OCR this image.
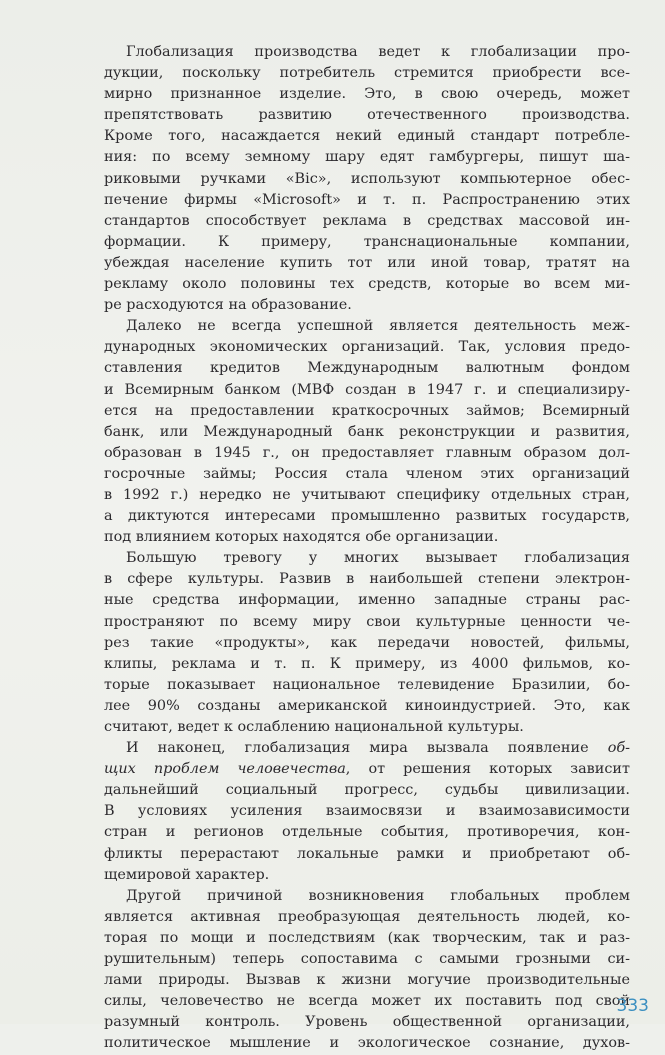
Глобализация производства ведет к глобализации про-
дукции, поскольку потребитель стремится приобрести все-
мирно признанное изделие. Это, в свою очередь, может
препятствовать развитию отечественного производства.
Кроме того, насаждается некий единый стандарт потребле-
ния: по всему земному шару едят гамбургеры, пишут ша-
риковыми ручками «Bic», используют компьютерное обес-
печение фирмы «Microsoft» и т. п. Распространению этих
стандартов способствует реклама в средствах массовой ин-
формации. К примеру, транснациональные компании,
убеждая население купить тот или иной товар, тратят на
рекламу около половины тех средств, которые во всем ми-
ре расходуются на образование.

Далеко не всегда успешной является деятельность меж-
дународных экономических организаций. Так, условия предо-
ставления кредитов Международным валютным фондом
и Всемирным банком (МВФ создан в 1947 г. и специализиру-
ется на предоставлении краткосрочных займов; Всемирный
банк, или Международный банк реконструкции и развития,
образован в 1945 г., он предоставляет главным образом дол-
госрочные займы; Россия стала членом этих организаций
в 1992 г.) нередко не учитывают специфику отдельных стран,
а диктуются интересами промышленно развитых государств,
под влиянием которых находятся обе организации.

Большую тревогу у многих вызывает глобализация
в сфере культуры. Развив в наибольшей степени электрон-
ные средства информации, именно западные страны рас-
пространяют по всему миру свои культурные ценности че-
рез такие «продукты», как передачи новостей, фильмы,
клипы, реклама и т. п. К примеру, из 4000 фильмов, ко-
торые показывает национальное телевидение Бразилии, бо-
лее 90% созданы американской киноиндустрией. Это, как
считают, ведет к ослаблению национальной культуры.

И наконец, глобализация мира вызвала появление об-
щих проблем человечества, от решения которых зависит
дальнейший социальный прогресс, судьбы цивилизации.
В условиях усиления взаимосвязи и взаимозависимости
стран и регионов отдельные события, противоречия, кон-
фликты перерастают локальные рамки и приобретают об-
щемировой характер.

Другой причиной возникновения глобальных проблем
является активная преобразующая деятельность людей, ко-
торая по мощи и последствиям (как творческим, так и раз-
рушительным) теперь сопоставима с самыми грозными си-
лами природы. Вызвав к жизни могучие производительные
силы, человечество не всегда может их поставить под свой
разумный контроль. Уровень общественной организации,
политическое мышление и экологическое сознание, духов-

333
